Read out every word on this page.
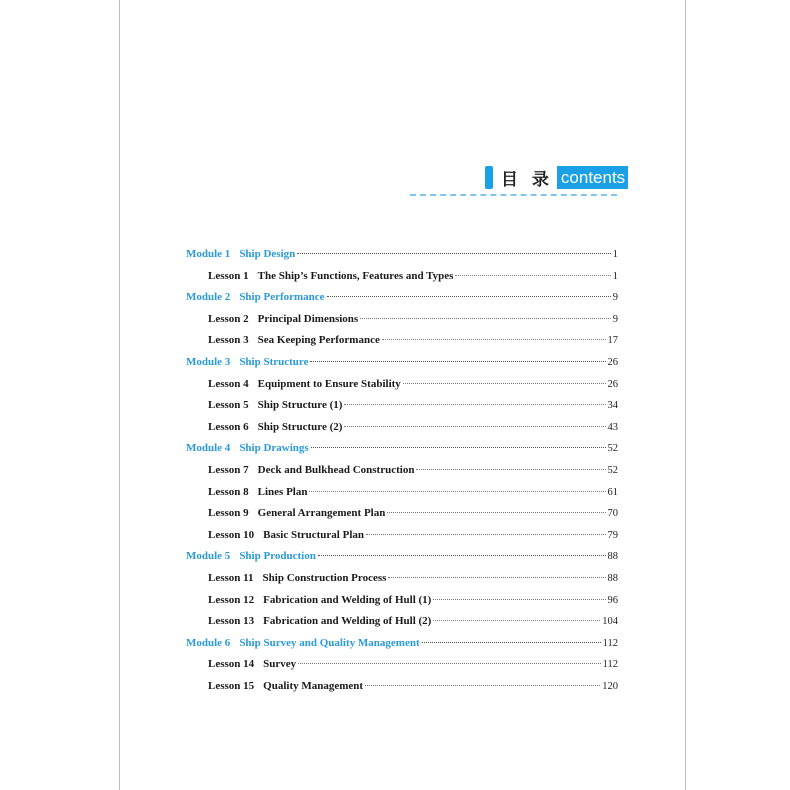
目 录 contents
Module 1 Ship Design	1
Lesson 1 The Ship’s Functions, Features and Types	1
Module 2 Ship Performance	9
Lesson 2 Principal Dimensions	9
Lesson 3 Sea Keeping Performance	17
Module 3 Ship Structure	26
Lesson 4 Equipment to Ensure Stability	26
Lesson 5 Ship Structure (1)	34
Lesson 6 Ship Structure (2)	43
Module 4 Ship Drawings	52
Lesson 7 Deck and Bulkhead Construction	52
Lesson 8 Lines Plan	61
Lesson 9 General Arrangement Plan	70
Lesson 10 Basic Structural Plan	79
Module 5 Ship Production	88
Lesson 11 Ship Construction Process	88
Lesson 12 Fabrication and Welding of Hull (1)	96
Lesson 13 Fabrication and Welding of Hull (2)	104
Module 6 Ship Survey and Quality Management	112
Lesson 14 Survey	112
Lesson 15 Quality Management	120
